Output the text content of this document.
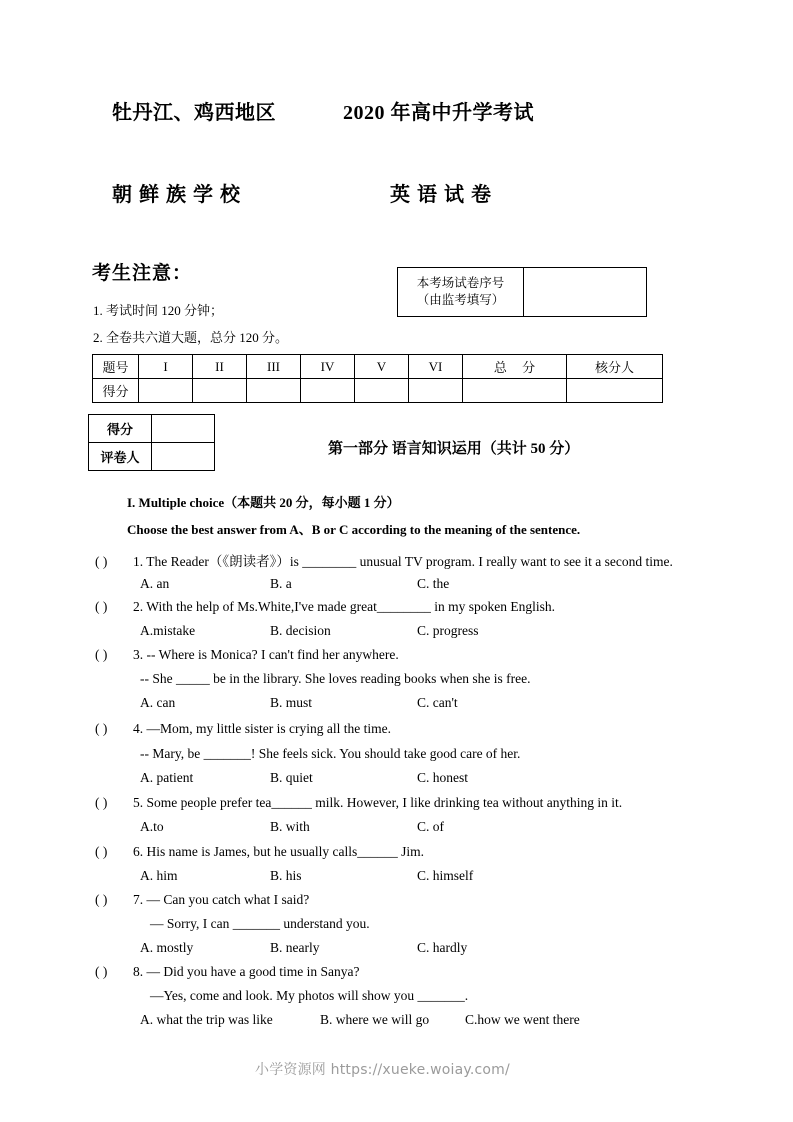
牡丹江、鸡西地区	2020 年高中升学考试
朝鲜族学校	英语试卷
考生注意：
1. 考试时间 120 分钟；
2. 全卷共六道大题，总分 120 分。
本考场试卷序号
（由监考填写）

题号	I	II	III	IV	V	VI	总 分	核分人
得分								
得分	
评卷人	
第一部分 语言知识运用（共计 50 分）
I. Multiple choice（本题共 20 分，每小题 1 分）
Choose the best answer from A、B or C according to the meaning of the sentence.
( ) 1. The Reader（《朗读者》）is ________ unusual TV program. I really want to see it a second time.
A. an	B. a	C. the
( ) 2. With the help of Ms.White,I've made great________ in my spoken English.
A.mistake	B. decision	C. progress
( ) 3. -- Where is Monica? I can't find her anywhere.
-- She _____ be in the library. She loves reading books when she is free.
A. can	B. must	C. can't
( ) 4. —Mom, my little sister is crying all the time.
-- Mary, be _______! She feels sick. You should take good care of her.
A. patient	B. quiet	C. honest
( ) 5. Some people prefer tea______ milk. However, I like drinking tea without anything in it.
A.to	B. with	C. of
( ) 6. His name is James, but he usually calls______ Jim.
A. him	B. his	C. himself
( ) 7. — Can you catch what I said?
— Sorry, I can _______ understand you.
A. mostly	B. nearly	C. hardly
( ) 8. — Did you have a good time in Sanya?
—Yes, come and look. My photos will show you _______.
A. what the trip was like	B. where we will go	C.how we went there
小学资源网 https://xueke.woiay.com/
